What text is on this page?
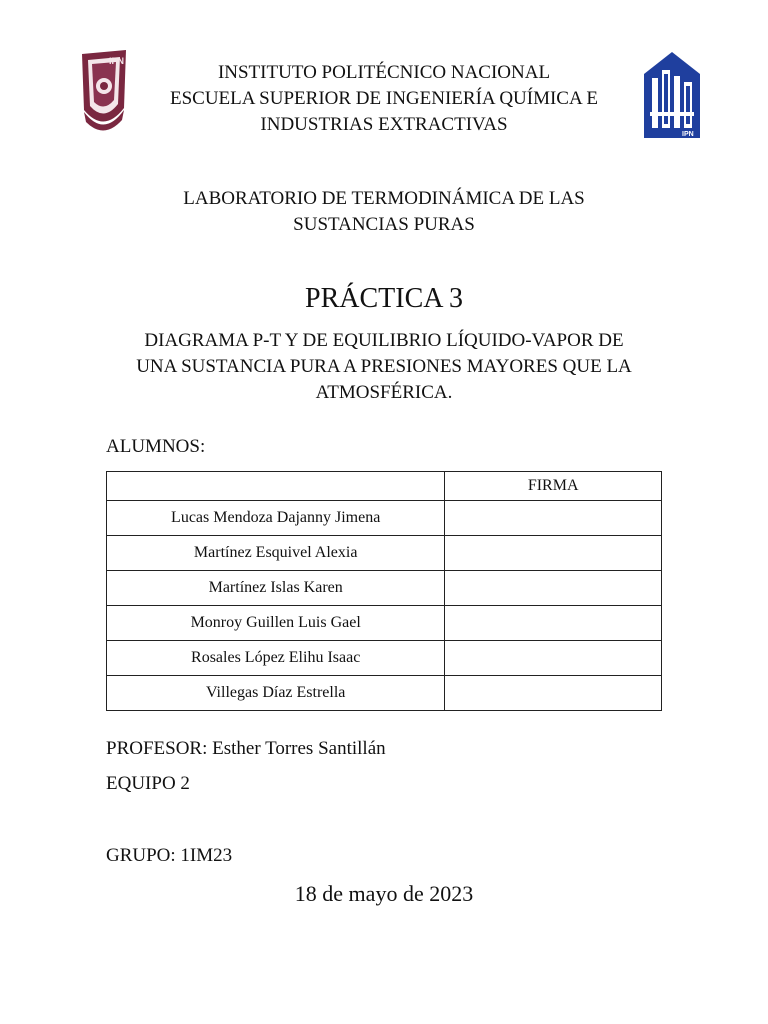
IPN
IPN
INSTITUTO POLITÉCNICO NACIONAL
ESCUELA SUPERIOR DE INGENIERÍA QUÍMICA E
INDUSTRIAS EXTRACTIVAS
LABORATORIO DE TERMODINÁMICA DE LAS
SUSTANCIAS PURAS
PRÁCTICA 3
DIAGRAMA P-T Y DE EQUILIBRIO LÍQUIDO-VAPOR DE
UNA SUSTANCIA PURA A PRESIONES MAYORES QUE LA
ATMOSFÉRICA.
ALUMNOS:
	FIRMA
Lucas Mendoza Dajanny Jimena	
Martínez Esquivel Alexia	
Martínez Islas Karen	
Monroy Guillen Luis Gael	
Rosales López Elihu Isaac	
Villegas Díaz Estrella	
PROFESOR: Esther Torres Santillán
EQUIPO 2
GRUPO: 1IM23
18 de mayo de 2023
